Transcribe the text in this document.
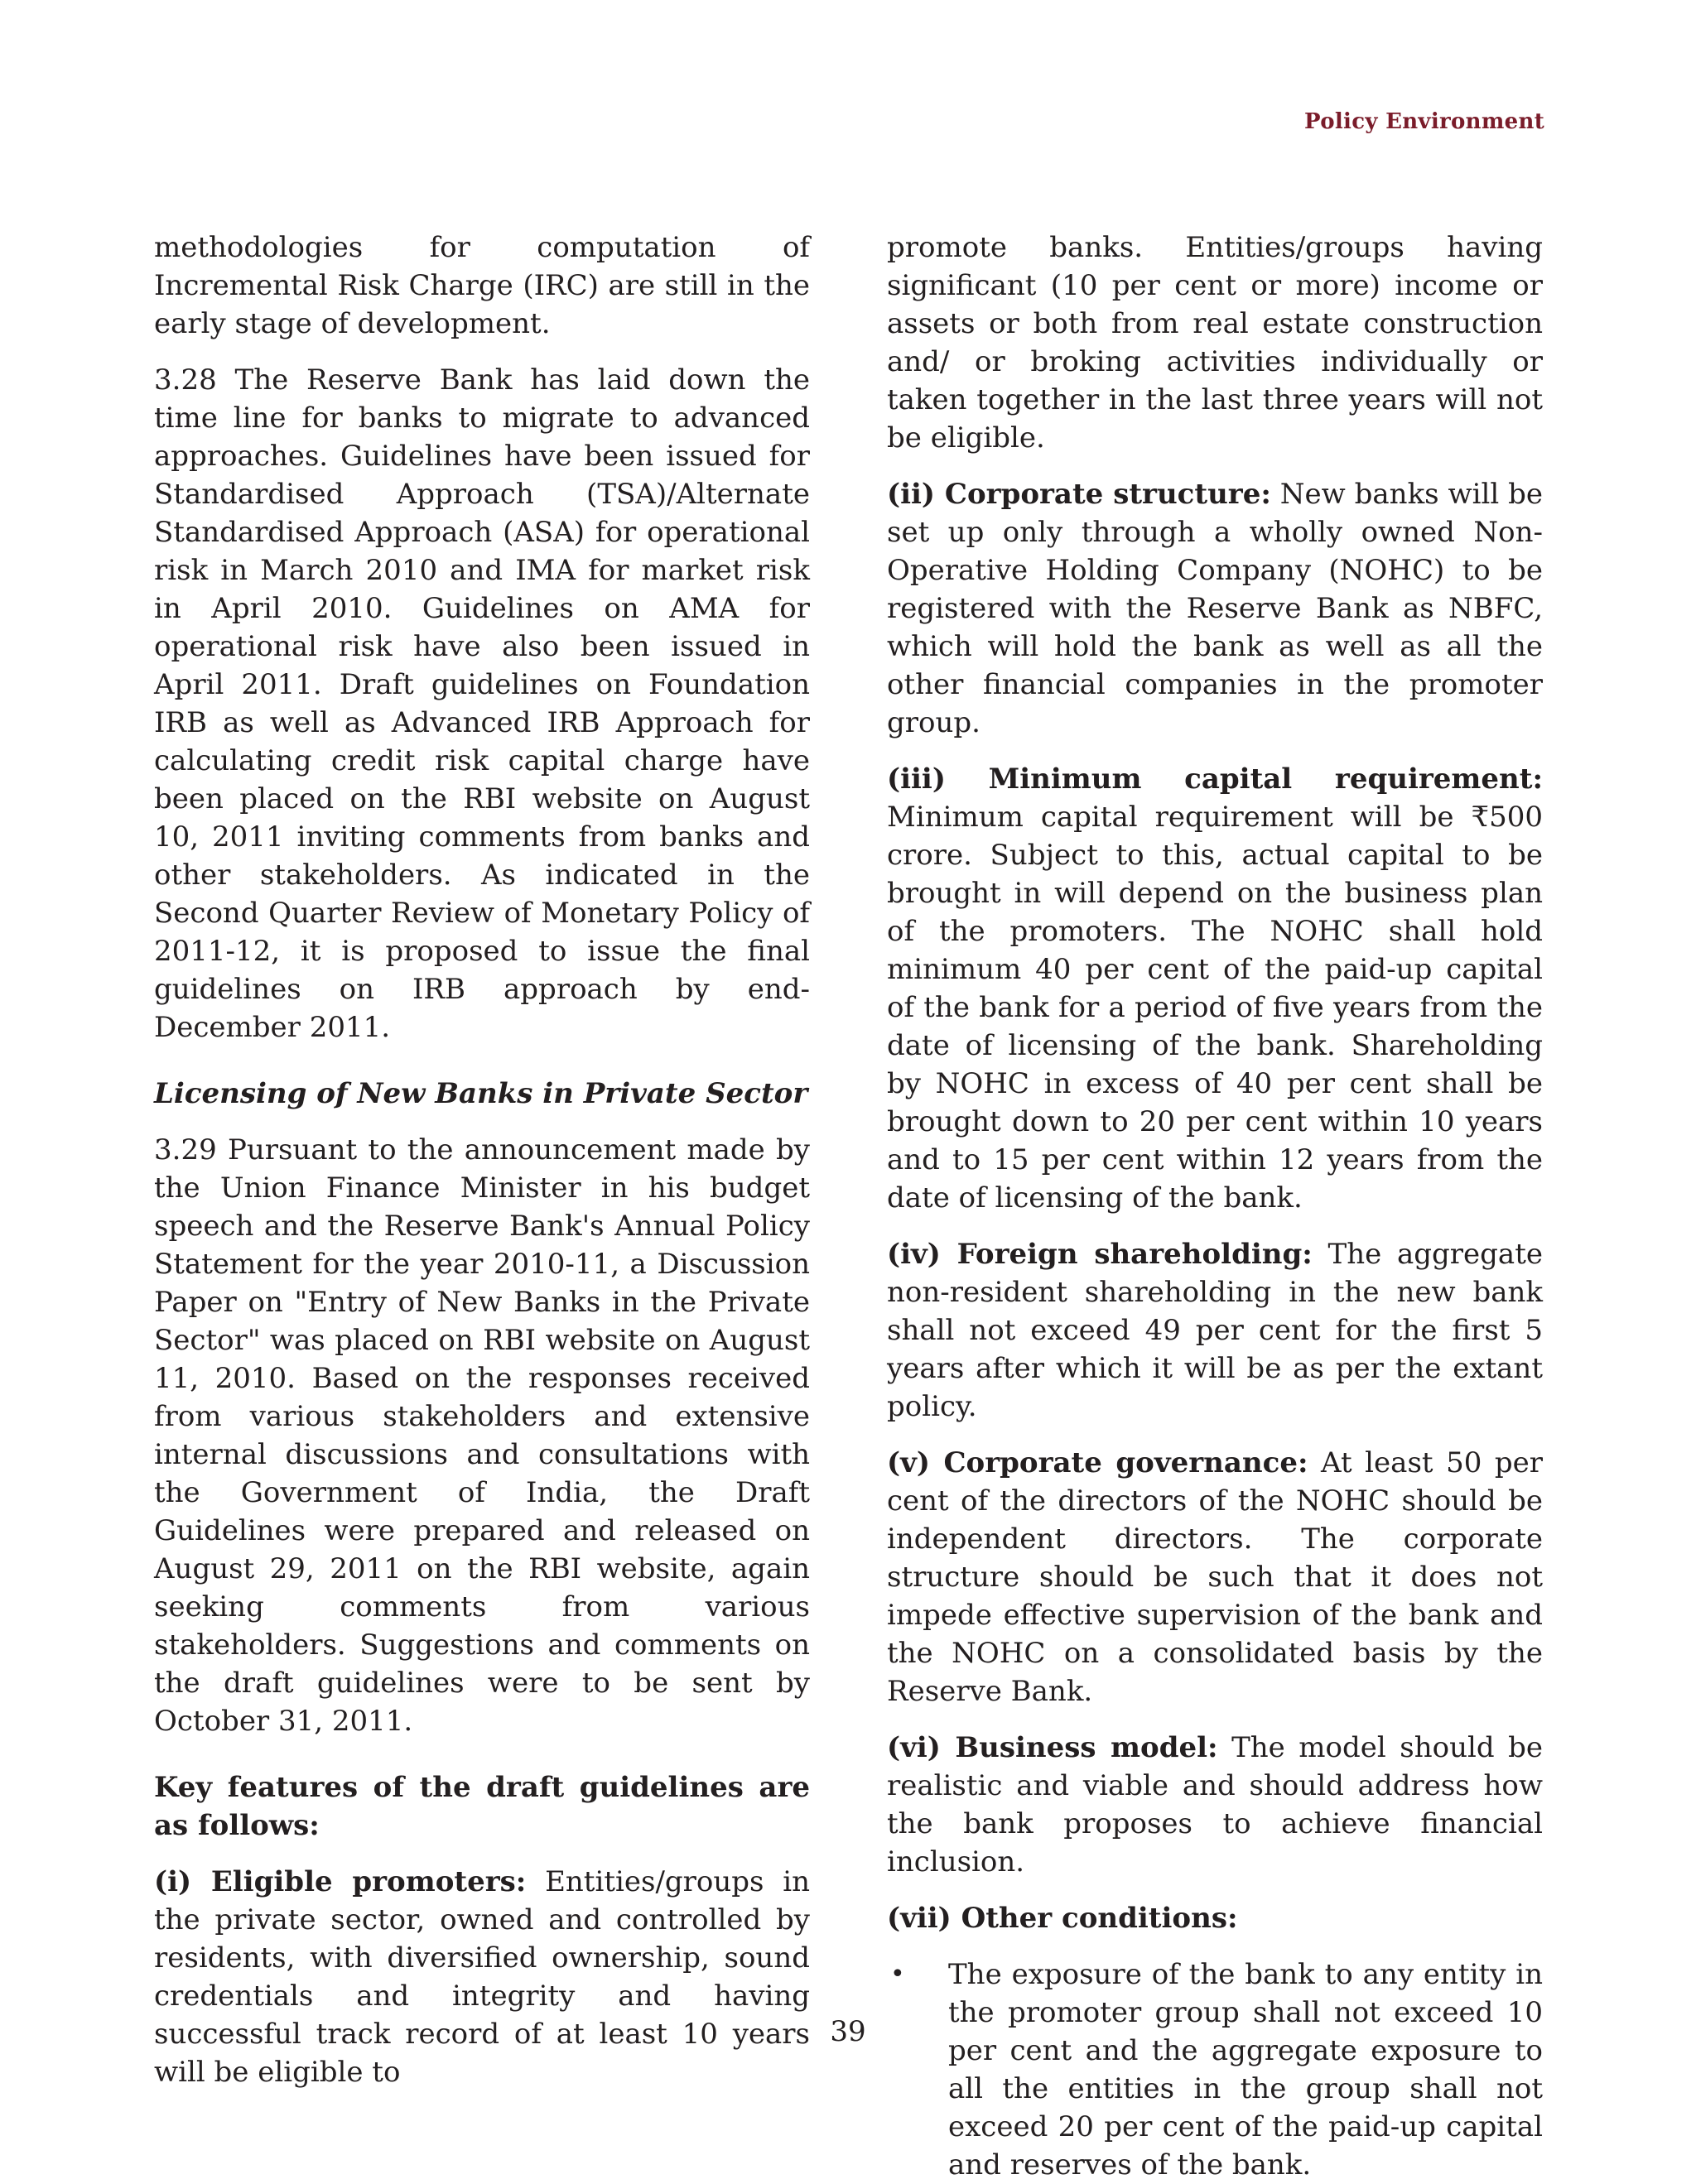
Policy Environment

methodologies for computation of Incremental Risk Charge (IRC) are still in the early stage of development.

3.28 The Reserve Bank has laid down the time line for banks to migrate to advanced approaches. Guidelines have been issued for Standardised Approach (TSA)/Alternate Standardised Approach (ASA) for operational risk in March 2010 and IMA for market risk in April 2010. Guidelines on AMA for operational risk have also been issued in April 2011. Draft guidelines on Foundation IRB as well as Advanced IRB Approach for calculating credit risk capital charge have been placed on the RBI website on August 10, 2011 inviting comments from banks and other stakeholders. As indicated in the Second Quarter Review of Monetary Policy of 2011-12, it is proposed to issue the final guidelines on IRB approach by end-December 2011.

Licensing of New Banks in Private Sector

3.29 Pursuant to the announcement made by the Union Finance Minister in his budget speech and the Reserve Bank's Annual Policy Statement for the year 2010-11, a Discussion Paper on "Entry of New Banks in the Private Sector" was placed on RBI website on August 11, 2010. Based on the responses received from various stakeholders and extensive internal discussions and consultations with the Government of India, the Draft Guidelines were prepared and released on August 29, 2011 on the RBI website, again seeking comments from various stakeholders. Suggestions and comments on the draft guidelines were to be sent by October 31, 2011.

Key features of the draft guidelines are as follows:

(i) Eligible promoters: Entities/groups in the private sector, owned and controlled by residents, with diversified ownership, sound credentials and integrity and having successful track record of at least 10 years will be eligible to

promote banks. Entities/groups having significant (10 per cent or more) income or assets or both from real estate construction and/ or broking activities individually or taken together in the last three years will not be eligible.

(ii) Corporate structure: New banks will be set up only through a wholly owned Non-Operative Holding Company (NOHC) to be registered with the Reserve Bank as NBFC, which will hold the bank as well as all the other financial companies in the promoter group.

(iii) Minimum capital requirement: Minimum capital requirement will be ₹500 crore. Subject to this, actual capital to be brought in will depend on the business plan of the promoters. The NOHC shall hold minimum 40 per cent of the paid-up capital of the bank for a period of five years from the date of licensing of the bank. Shareholding by NOHC in excess of 40 per cent shall be brought down to 20 per cent within 10 years and to 15 per cent within 12 years from the date of licensing of the bank.

(iv) Foreign shareholding: The aggregate non-resident shareholding in the new bank shall not exceed 49 per cent for the first 5 years after which it will be as per the extant policy.

(v) Corporate governance: At least 50 per cent of the directors of the NOHC should be independent directors. The corporate structure should be such that it does not impede effective supervision of the bank and the NOHC on a consolidated basis by the Reserve Bank.

(vi) Business model: The model should be realistic and viable and should address how the bank proposes to achieve financial inclusion.

(vii) Other conditions:
• The exposure of the bank to any entity in the promoter group shall not exceed 10 per cent and the aggregate exposure to all the entities in the group shall not exceed 20 per cent of the paid-up capital and reserves of the bank.
39
